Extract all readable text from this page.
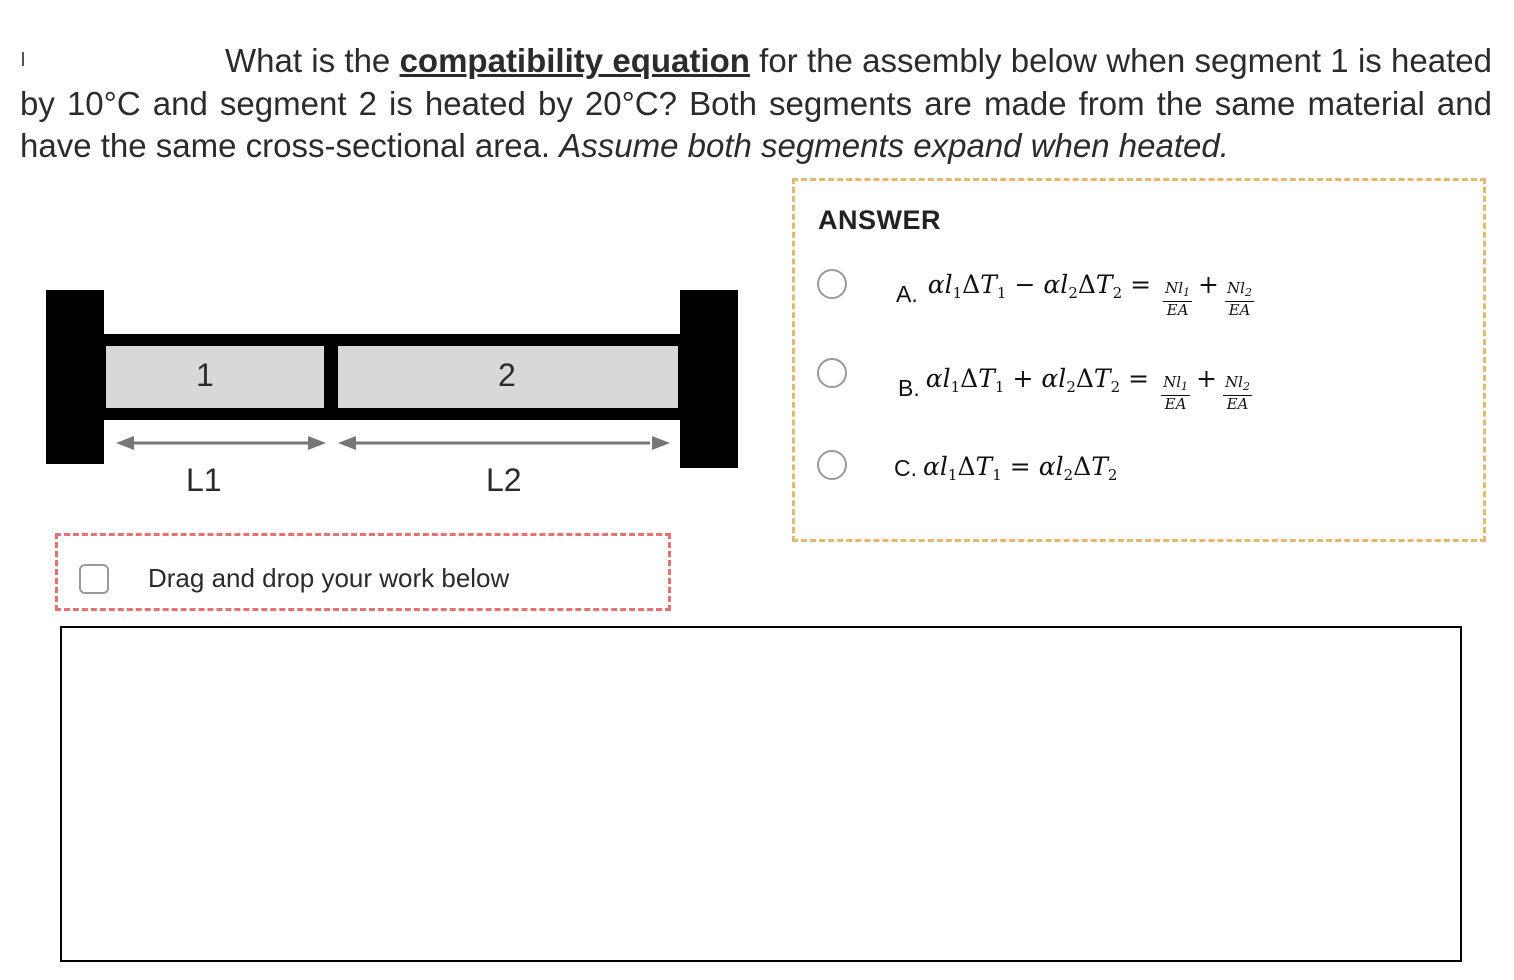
What is the compatibility equation for the assembly below when segment 1 is heated by 10°C and segment 2 is heated by 20°C? Both segments are made from the same material and have the same cross-sectional area. Assume both segments expand when heated.
1	2
L1	L2
ANSWER
A. $\alpha l_1\Delta T_1 - \alpha l_2\Delta T_2 = \frac{Nl_1}{EA} + \frac{Nl_2}{EA}$
B. $\alpha l_1\Delta T_1 + \alpha l_2\Delta T_2 = \frac{Nl_1}{EA} + \frac{Nl_2}{EA}$
C. $\alpha l_1\Delta T_1 = \alpha l_2\Delta T_2$
Drag and drop your work below
